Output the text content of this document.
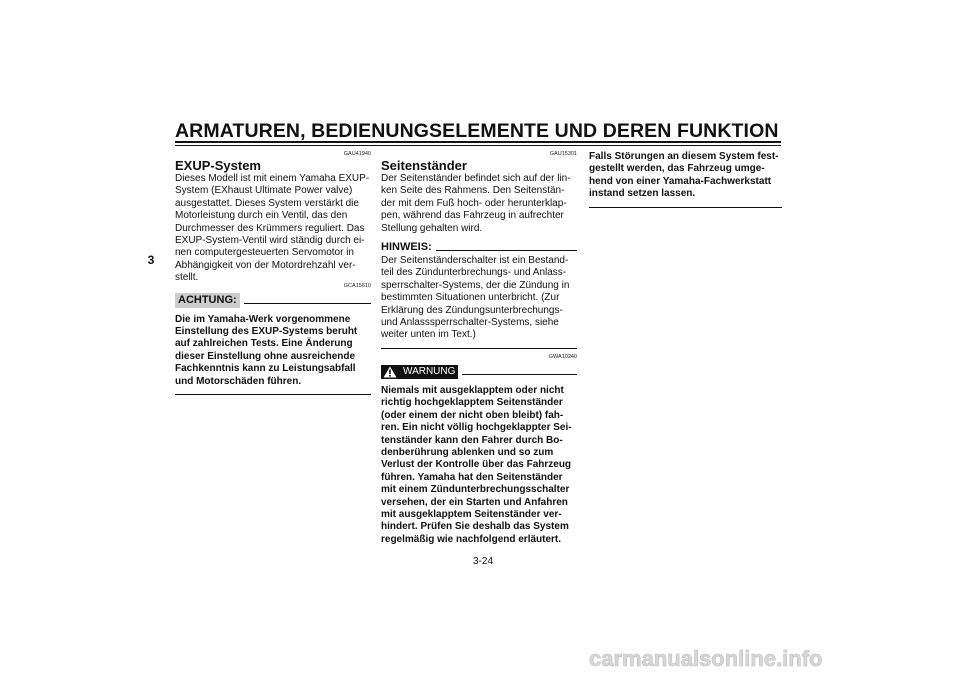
ARMATUREN, BEDIENUNGSELEMENTE UND DEREN FUNKTION
3
GAU41940
EXUP-System

Dieses Modell ist mit einem Yamaha EXUP-
System (EXhaust Ultimate Power valve)
ausgestattet. Dieses System verstärkt die
Motorleistung durch ein Ventil, das den
Durchmesser des Krümmers reguliert. Das
EXUP-System-Ventil wird ständig durch ei-
nen computergesteuerten Servomotor in
Abhängigkeit von der Motordrehzahl ver-
stellt.

GCA15610
ACHTUNG:

Die im Yamaha-Werk vorgenommene
Einstellung des EXUP-Systems beruht
auf zahlreichen Tests. Eine Änderung
dieser Einstellung ohne ausreichende
Fachkenntnis kann zu Leistungsabfall
und Motorschäden führen.

GAU15301
Seitenständer

Der Seitenständer befindet sich auf der lin-
ken Seite des Rahmens. Den Seitenstän-
der mit dem Fuß hoch- oder herunterklap-
pen, während das Fahrzeug in aufrechter
Stellung gehalten wird.

HINWEIS:

Der Seitenständerschalter ist ein Bestand-
teil des Zündunterbrechungs- und Anlass-
sperrschalter-Systems, der die Zündung in
bestimmten Situationen unterbricht. (Zur
Erklärung des Zündungsunterbrechungs-
und Anlasssperrschalter-Systems, siehe
weiter unten im Text.)

GWA10240
WARNUNG

Niemals mit ausgeklapptem oder nicht
richtig hochgeklapptem Seitenständer
(oder einem der nicht oben bleibt) fah-
ren. Ein nicht völlig hochgeklappter Sei-
tenständer kann den Fahrer durch Bo-
denberührung ablenken und so zum
Verlust der Kontrolle über das Fahrzeug
führen. Yamaha hat den Seitenständer
mit einem Zündunterbrechungsschalter
versehen, der ein Starten und Anfahren
mit ausgeklapptem Seitenständer ver-
hindert. Prüfen Sie deshalb das System
regelmäßig wie nachfolgend erläutert.

Falls Störungen an diesem System fest-
gestellt werden, das Fahrzeug umge-
hend von einer Yamaha-Fachwerkstatt
instand setzen lassen.

3-24
carmanualsonline.info
